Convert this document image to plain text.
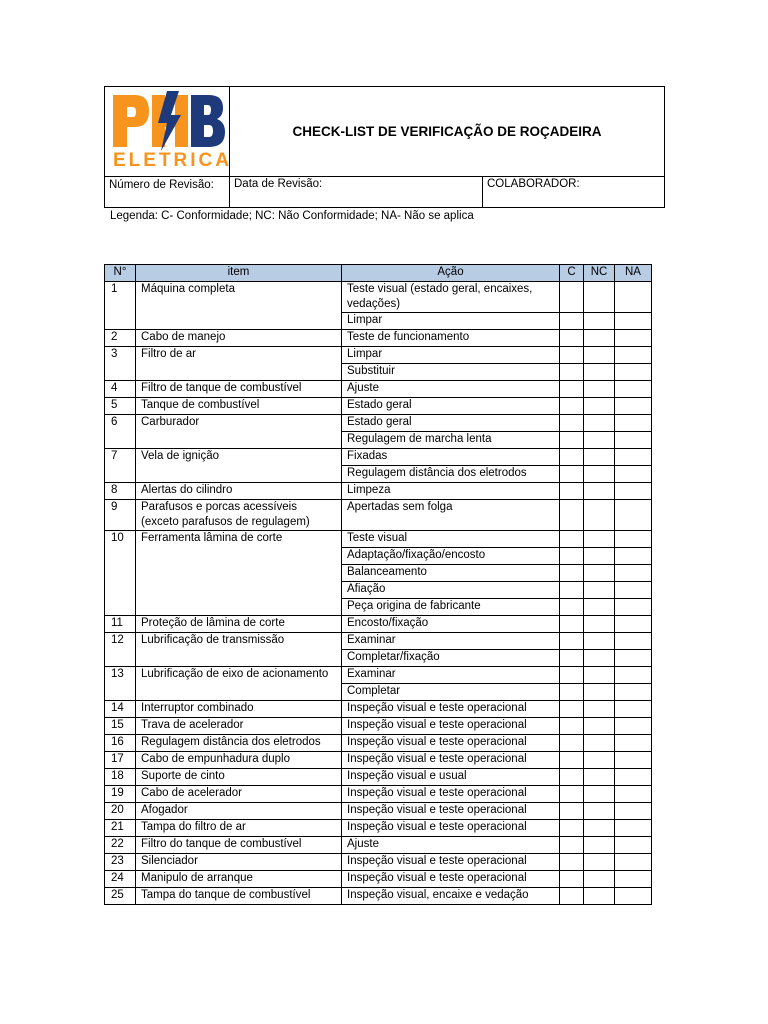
ELETRICA
CHECK-LIST DE VERIFICAÇÃO DE ROÇADEIRA
Número de Revisão:	Data de Revisão:	COLABORADOR:
Legenda: C- Conformidade; NC: Não Conformidade; NA- Não se aplica
N°	item	Ação	C	NC	NA
1	Máquina completa	Teste visual (estado geral, encaixes, vedações)			
		Limpar			
2	Cabo de manejo	Teste de funcionamento			
3	Filtro de ar	Limpar			
		Substituir			
4	Filtro de tanque de combustível	Ajuste			
5	Tanque de combustível	Estado geral			
6	Carburador	Estado geral			
		Regulagem de marcha lenta			
7	Vela de ignição	Fixadas			
		Regulagem distância dos eletrodos			
8	Alertas do cilindro	Limpeza			
9	Parafusos e porcas acessíveis (exceto parafusos de regulagem)	Apertadas sem folga			
10	Ferramenta lâmina de corte	Teste visual			
		Adaptação/fixação/encosto			
		Balanceamento			
		Afiação			
		Peça origina de fabricante			
11	Proteção de lâmina de corte	Encosto/fixação			
12	Lubrificação de transmissão	Examinar			
		Completar/fixação			
13	Lubrificação de eixo de acionamento	Examinar			
		Completar			
14	Interruptor combinado	Inspeção visual e teste operacional			
15	Trava de acelerador	Inspeção visual e teste operacional			
16	Regulagem distância dos eletrodos	Inspeção visual e teste operacional			
17	Cabo de empunhadura duplo	Inspeção visual e teste operacional			
18	Suporte de cinto	Inspeção visual e usual			
19	Cabo de acelerador	Inspeção visual e teste operacional			
20	Afogador	Inspeção visual e teste operacional			
21	Tampa do filtro de ar	Inspeção visual e teste operacional			
22	Filtro do tanque de combustível	Ajuste			
23	Silenciador	Inspeção visual e teste operacional			
24	Manipulo de arranque	Inspeção visual e teste operacional			
25	Tampa do tanque de combustível	Inspeção visual, encaixe e vedação			
